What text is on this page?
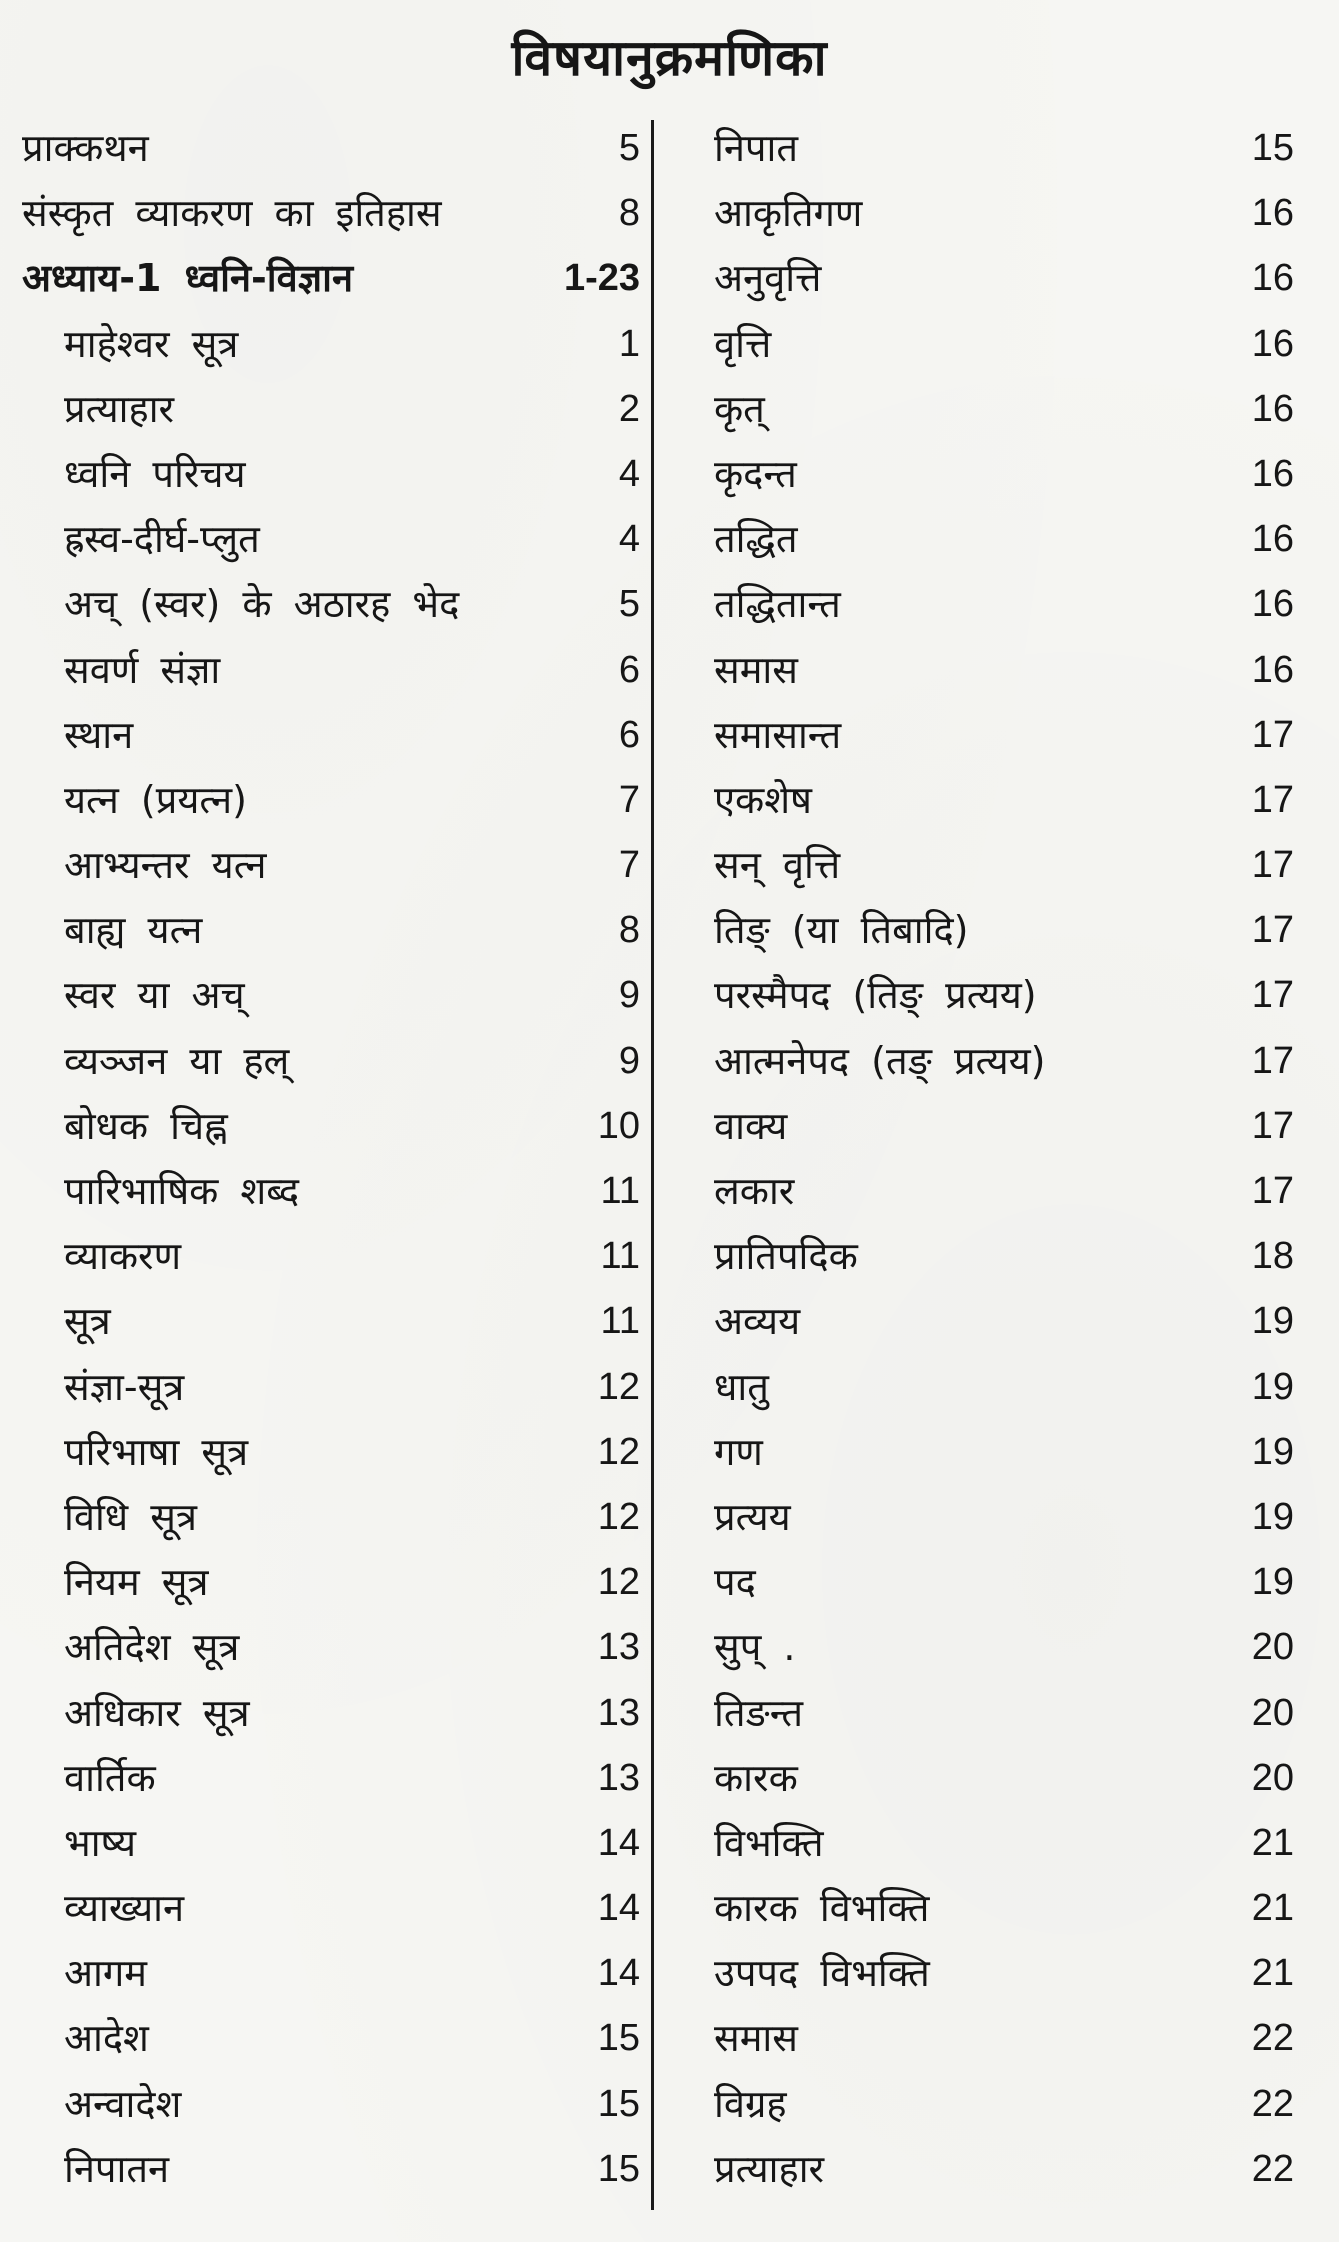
विषयानुक्रमणिका
प्राक्कथन	5
संस्कृत व्याकरण का इतिहास	8
अध्याय-1 ध्वनि-विज्ञान	1-23
माहेश्वर सूत्र	1
प्रत्याहार	2
ध्वनि परिचय	4
ह्रस्व-दीर्घ-प्लुत	4
अच् (स्वर) के अठारह भेद	5
सवर्ण संज्ञा	6
स्थान	6
यत्न (प्रयत्न)	7
आभ्यन्तर यत्न	7
बाह्य यत्न	8
स्वर या अच्	9
व्यञ्जन या हल्	9
बोधक चिह्न	10
पारिभाषिक शब्द	11
व्याकरण	11
सूत्र	11
संज्ञा-सूत्र	12
परिभाषा सूत्र	12
विधि सूत्र	12
नियम सूत्र	12
अतिदेश सूत्र	13
अधिकार सूत्र	13
वार्तिक	13
भाष्य	14
व्याख्यान	14
आगम	14
आदेश	15
अन्वादेश	15
निपातन	15
निपात	15
आकृतिगण	16
अनुवृत्ति	16
वृत्ति	16
कृत्	16
कृदन्त	16
तद्धित	16
तद्धितान्त	16
समास	16
समासान्त	17
एकशेष	17
सन् वृत्ति	17
तिङ् (या तिबादि)	17
परस्मैपद (तिङ् प्रत्यय)	17
आत्मनेपद (तङ् प्रत्यय)	17
वाक्य	17
लकार	17
प्रातिपदिक	18
अव्यय	19
धातु	19
गण	19
प्रत्यय	19
पद	19
सुप् .	20
तिङन्त	20
कारक	20
विभक्ति	21
कारक विभक्ति	21
उपपद विभक्ति	21
समास	22
विग्रह	22
प्रत्याहार	22
